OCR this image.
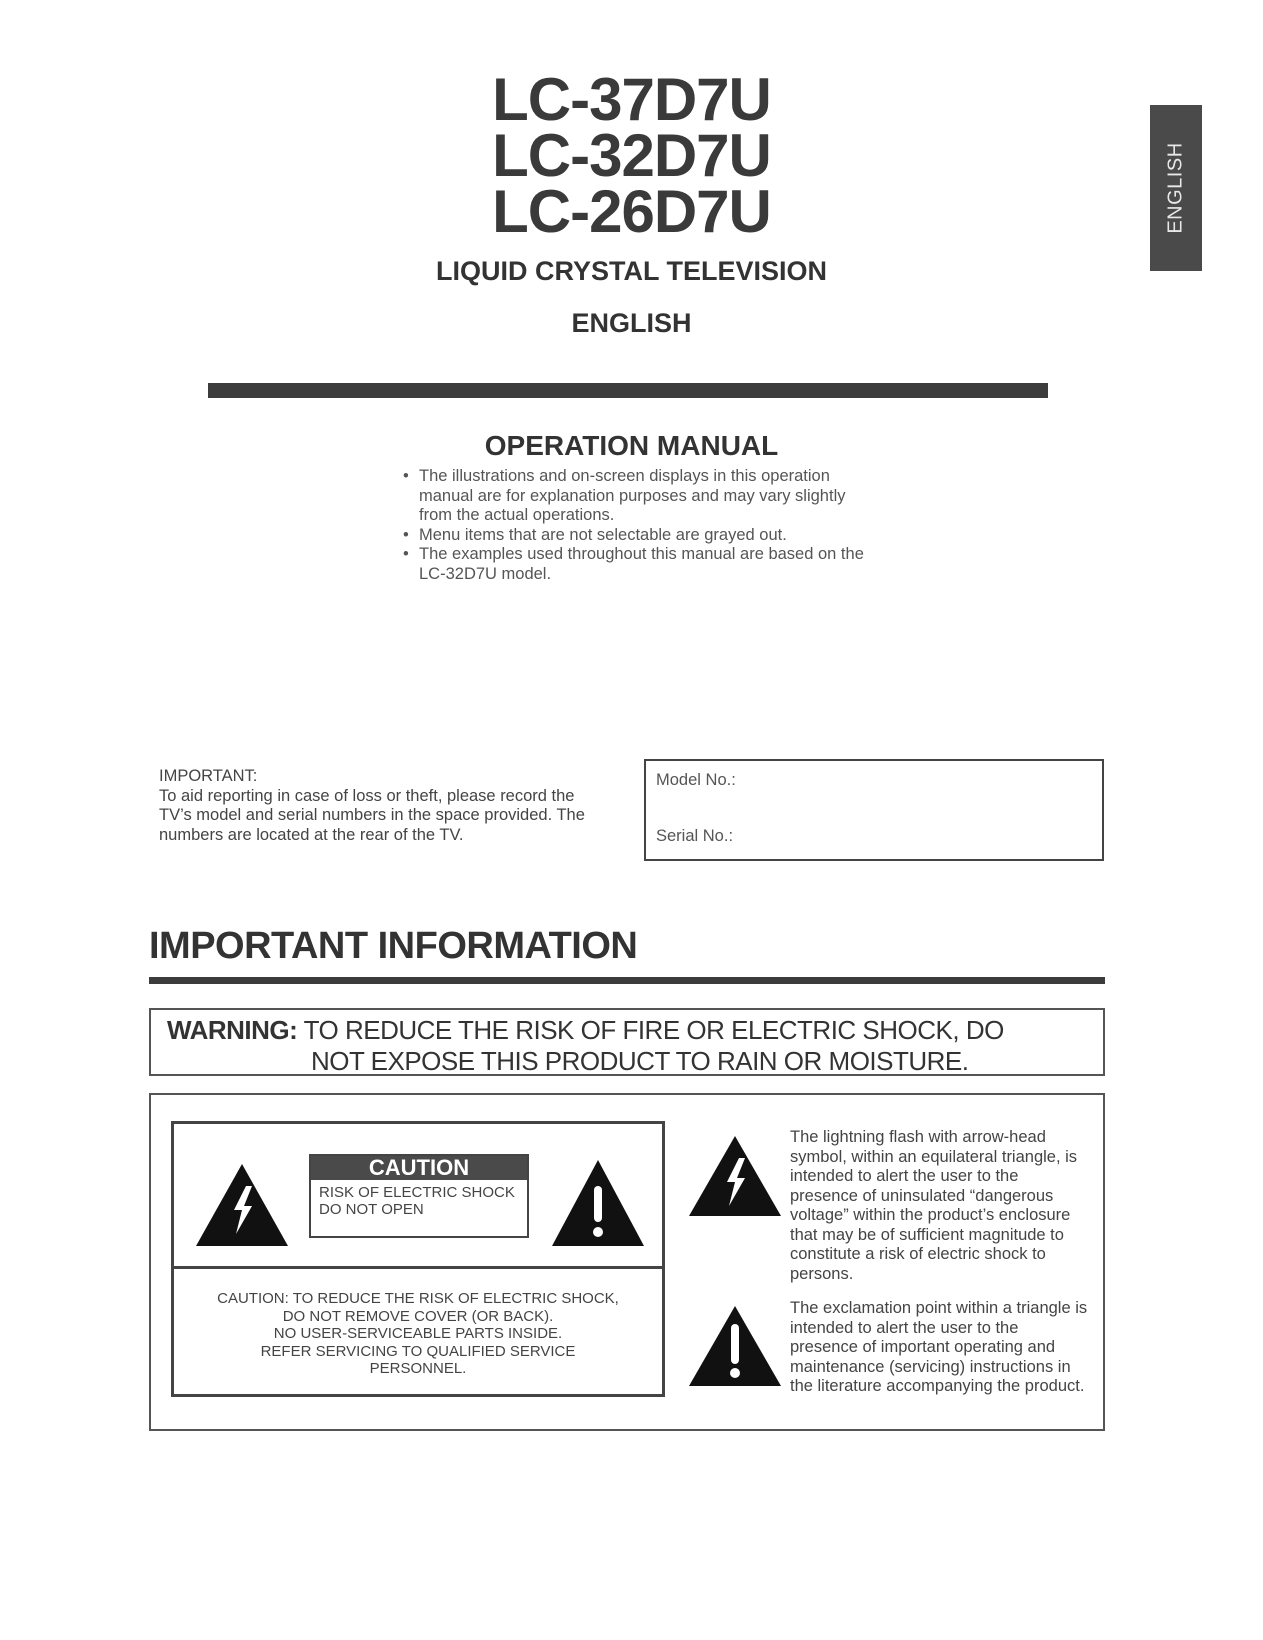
LC-37D7U
LC-32D7U
LC-26D7U
LIQUID CRYSTAL TELEVISION
ENGLISH
ENGLISH
OPERATION MANUAL
• The illustrations and on-screen displays in this operation manual are for explanation purposes and may vary slightly from the actual operations.
• Menu items that are not selectable are grayed out.
• The examples used throughout this manual are based on the LC-32D7U model.
IMPORTANT:
To aid reporting in case of loss or theft, please record the TV’s model and serial numbers in the space provided. The numbers are located at the rear of the TV.
Model No.:
Serial No.:
IMPORTANT INFORMATION
WARNING: TO REDUCE THE RISK OF FIRE OR ELECTRIC SHOCK, DO
NOT EXPOSE THIS PRODUCT TO RAIN OR MOISTURE.
CAUTION
RISK OF ELECTRIC SHOCK
DO NOT OPEN
CAUTION: TO REDUCE THE RISK OF ELECTRIC SHOCK,
DO NOT REMOVE COVER (OR BACK).
NO USER-SERVICEABLE PARTS INSIDE.
REFER SERVICING TO QUALIFIED SERVICE
PERSONNEL.
The lightning flash with arrow-head symbol, within an equilateral triangle, is intended to alert the user to the presence of uninsulated “dangerous voltage” within the product’s enclosure that may be of sufficient magnitude to constitute a risk of electric shock to persons.
The exclamation point within a triangle is intended to alert the user to the presence of important operating and maintenance (servicing) instructions in the literature accompanying the product.
